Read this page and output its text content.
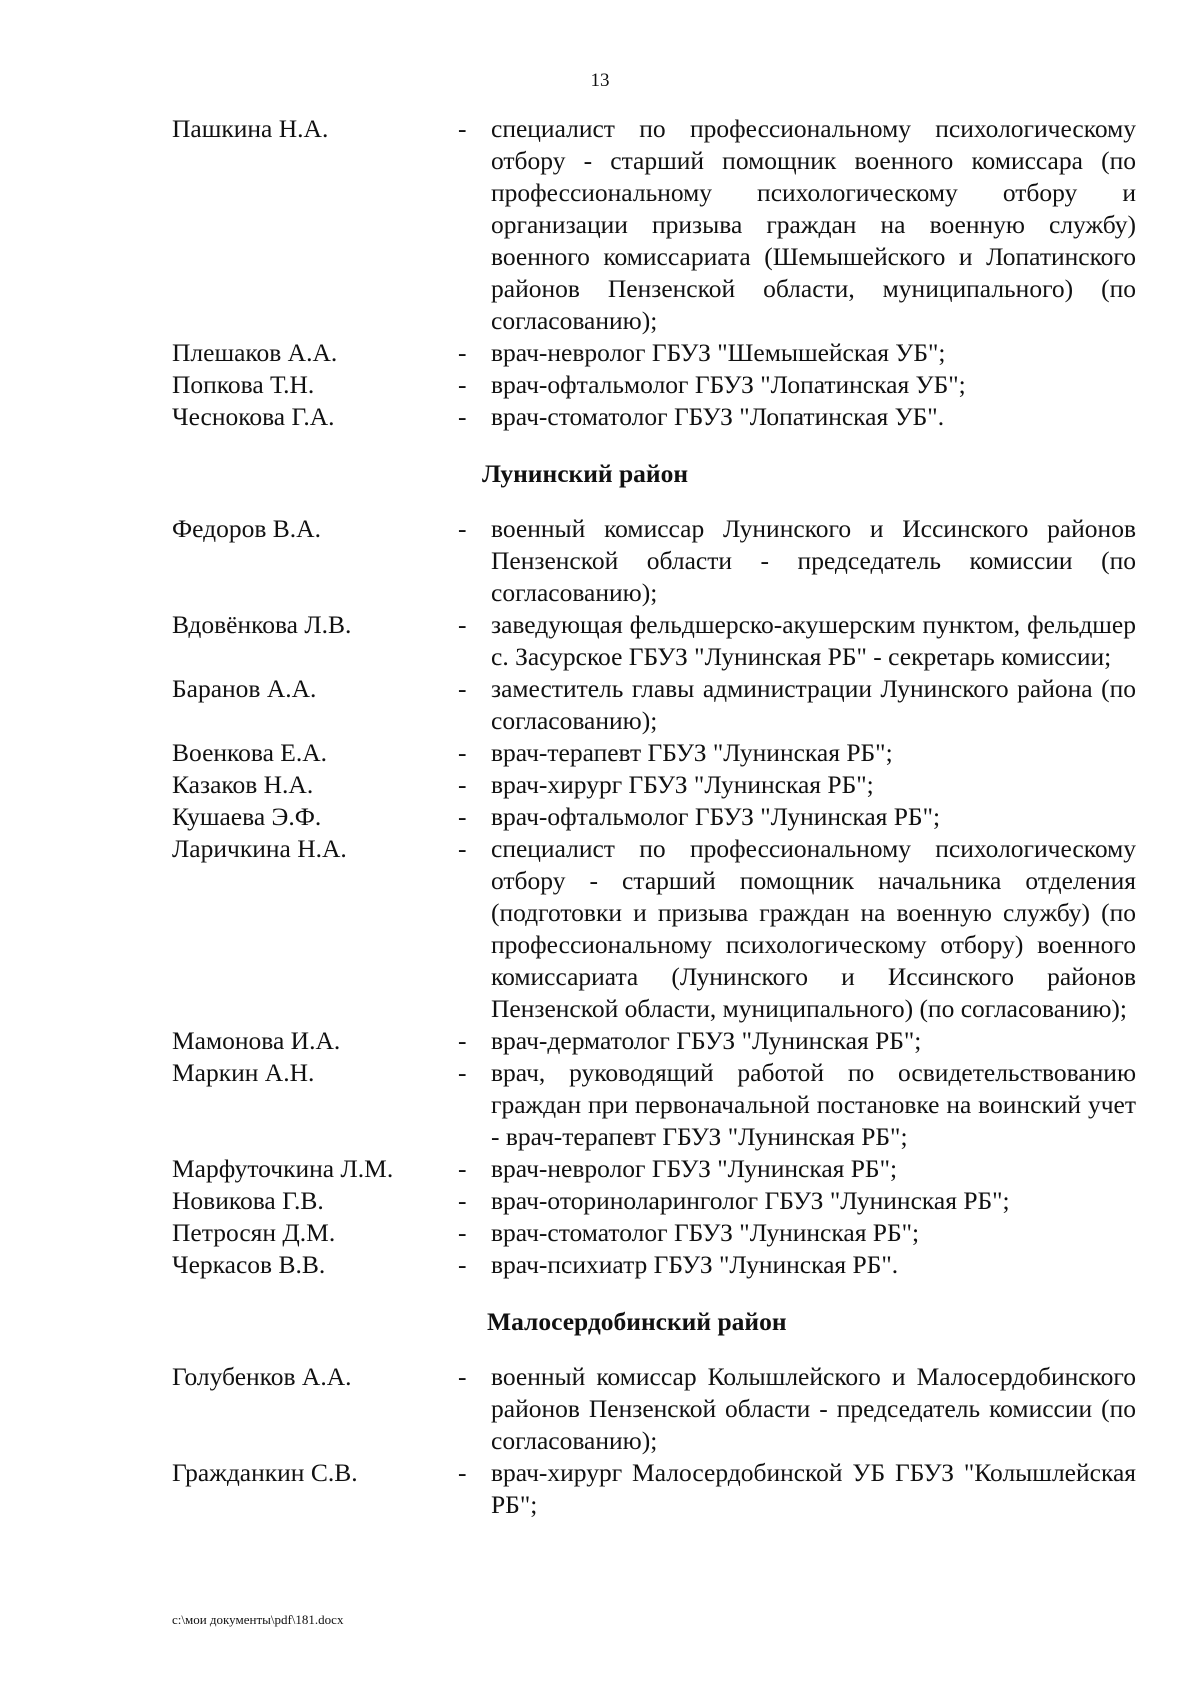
13
Пашкина Н.А.	- специалист по профессиональному психологическому отбору - старший помощник военного комиссара (по профессиональному психологическому отбору и организации призыва граждан на военную службу) военного комиссариата (Шемышейского и Лопатинского районов Пензенской области, муниципального) (по согласованию);
Плешаков А.А.	- врач-невролог ГБУЗ "Шемышейская УБ";
Попкова Т.Н.	- врач-офтальмолог ГБУЗ "Лопатинская УБ";
Чеснокова Г.А.	- врач-стоматолог ГБУЗ "Лопатинская УБ".
Лунинский район
Федоров В.А.	- военный комиссар Лунинского и Иссинского районов Пензенской области - председатель комиссии (по согласованию);
Вдовёнкова Л.В.	- заведующая фельдшерско-акушерским пунктом, фельдшер с. Засурское ГБУЗ "Лунинская РБ" - секретарь комиссии;
Баранов А.А.	- заместитель главы администрации Лунинского района (по согласованию);
Военкова Е.А.	- врач-терапевт ГБУЗ "Лунинская РБ";
Казаков Н.А.	- врач-хирург ГБУЗ "Лунинская РБ";
Кушаева Э.Ф.	- врач-офтальмолог ГБУЗ "Лунинская РБ";
Ларичкина Н.А.	- специалист по профессиональному психологическому отбору - старший помощник начальника отделения (подготовки и призыва граждан на военную службу) (по профессиональному психологическому отбору) военного комиссариата (Лунинского и Иссинского районов Пензенской области, муниципального) (по согласованию);
Мамонова И.А.	- врач-дерматолог ГБУЗ "Лунинская РБ";
Маркин А.Н.	- врач, руководящий работой по освидетельствованию граждан при первоначальной постановке на воинский учет - врач-терапевт ГБУЗ "Лунинская РБ";
Марфуточкина Л.М.	- врач-невролог ГБУЗ "Лунинская РБ";
Новикова Г.В.	- врач-оториноларинголог ГБУЗ "Лунинская РБ";
Петросян Д.М.	- врач-стоматолог ГБУЗ "Лунинская РБ";
Черкасов В.В.	- врач-психиатр ГБУЗ "Лунинская РБ".
Малосердобинский район
Голубенков А.А.	- военный комиссар Колышлейского и Малосердобинского районов Пензенской области - председатель комиссии (по согласованию);
Гражданкин С.В.	- врач-хирург Малосердобинской УБ ГБУЗ "Колышлейская РБ";
c:\мои документы\pdf\181.docx
